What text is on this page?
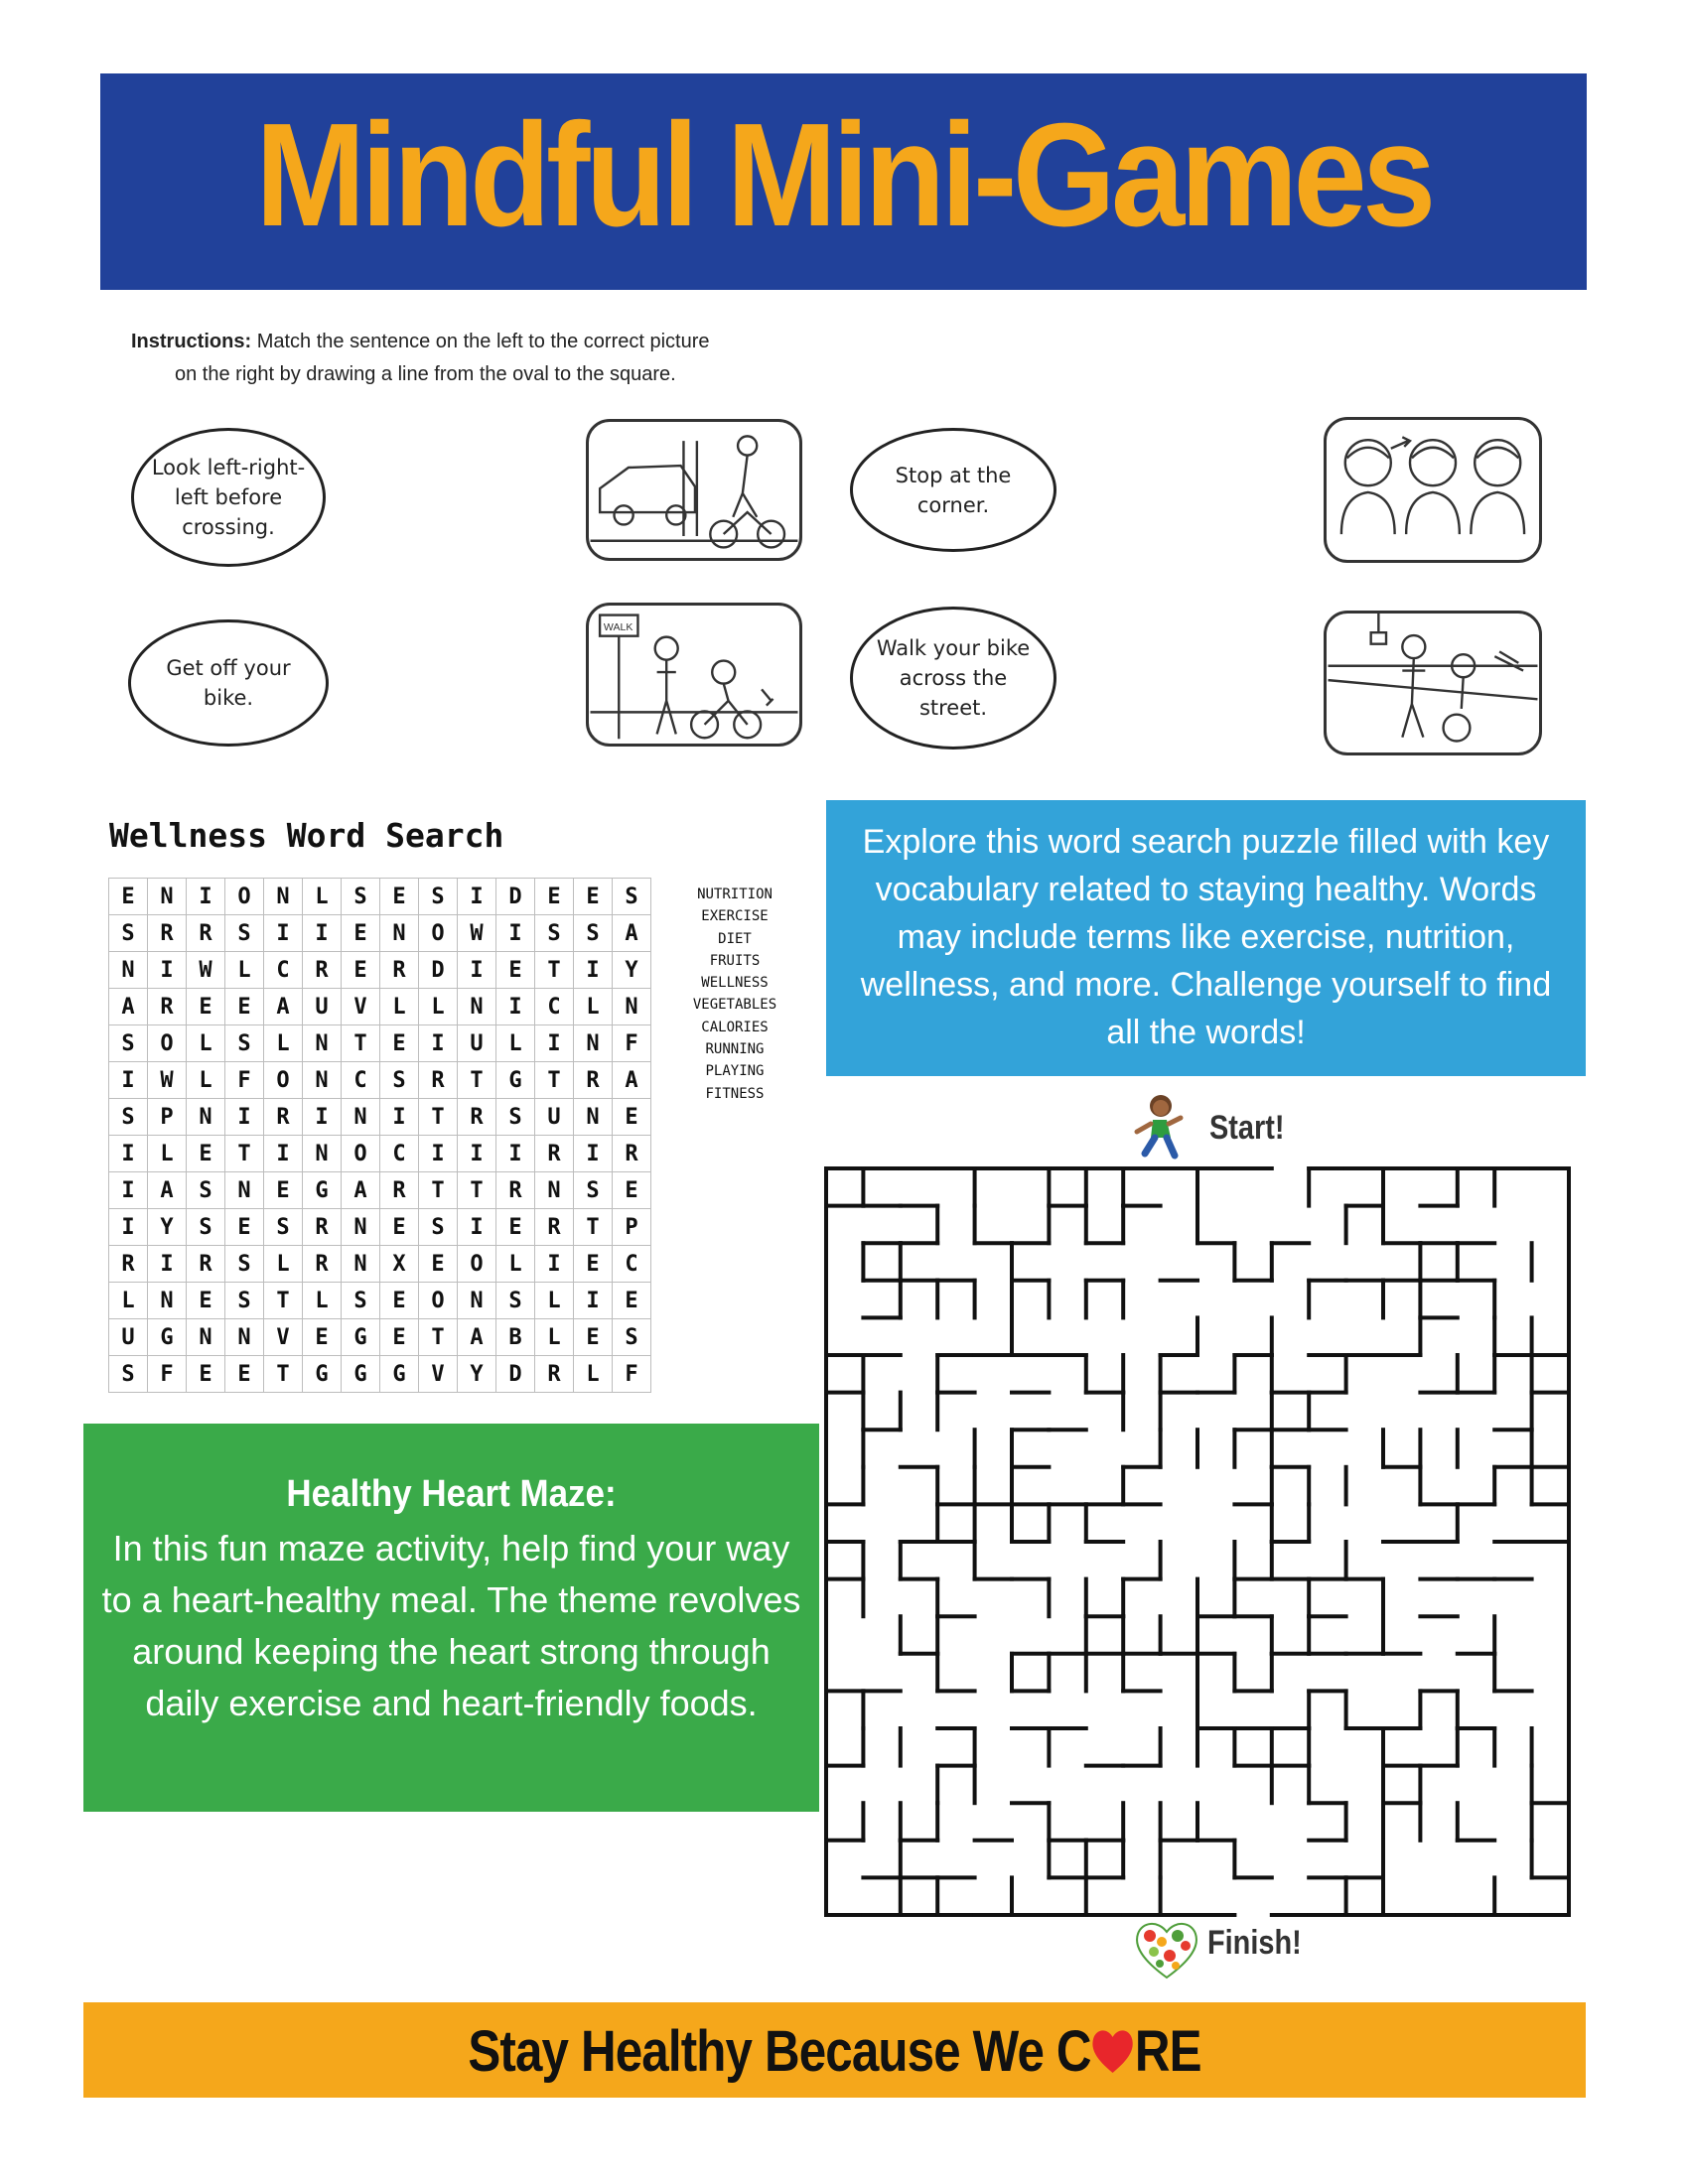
Mindful Mini-Games
Instructions: Match the sentence on the left to the correct picture
on the right by drawing a line from the oval to the square.
Look left-right-left before crossing.
Stop at the corner.
Get off your bike.
Walk your bike across the street.
WALK
Wellness Word Search
E	N	I	O	N	L	S	E	S	I	D	E	E	S
S	R	R	S	I	I	E	N	O	W	I	S	S	A
N	I	W	L	C	R	E	R	D	I	E	T	I	Y
A	R	E	E	A	U	V	L	L	N	I	C	L	N
S	O	L	S	L	N	T	E	I	U	L	I	N	F
I	W	L	F	O	N	C	S	R	T	G	T	R	A
S	P	N	I	R	I	N	I	T	R	S	U	N	E
I	L	E	T	I	N	O	C	I	I	I	R	I	R
I	A	S	N	E	G	A	R	T	T	R	N	S	E
I	Y	S	E	S	R	N	E	S	I	E	R	T	P
R	I	R	S	L	R	N	X	E	O	L	I	E	C
L	N	E	S	T	L	S	E	O	N	S	L	I	E
U	G	N	N	V	E	G	E	T	A	B	L	E	S
S	F	E	E	T	G	G	G	V	Y	D	R	L	F
NUTRITION
EXERCISE
DIET
FRUITS
WELLNESS
VEGETABLES
CALORIES
RUNNING
PLAYING
FITNESS
Explore this word search puzzle filled with key vocabulary related to staying healthy. Words may include terms like exercise, nutrition, wellness, and more. Challenge yourself to find all the words!
Start!
Finish!
Healthy Heart Maze:
In this fun maze activity, help find your way to a heart-healthy meal. The theme revolves around keeping the heart strong through daily exercise and heart-friendly foods.
Stay Healthy Because We C RE
